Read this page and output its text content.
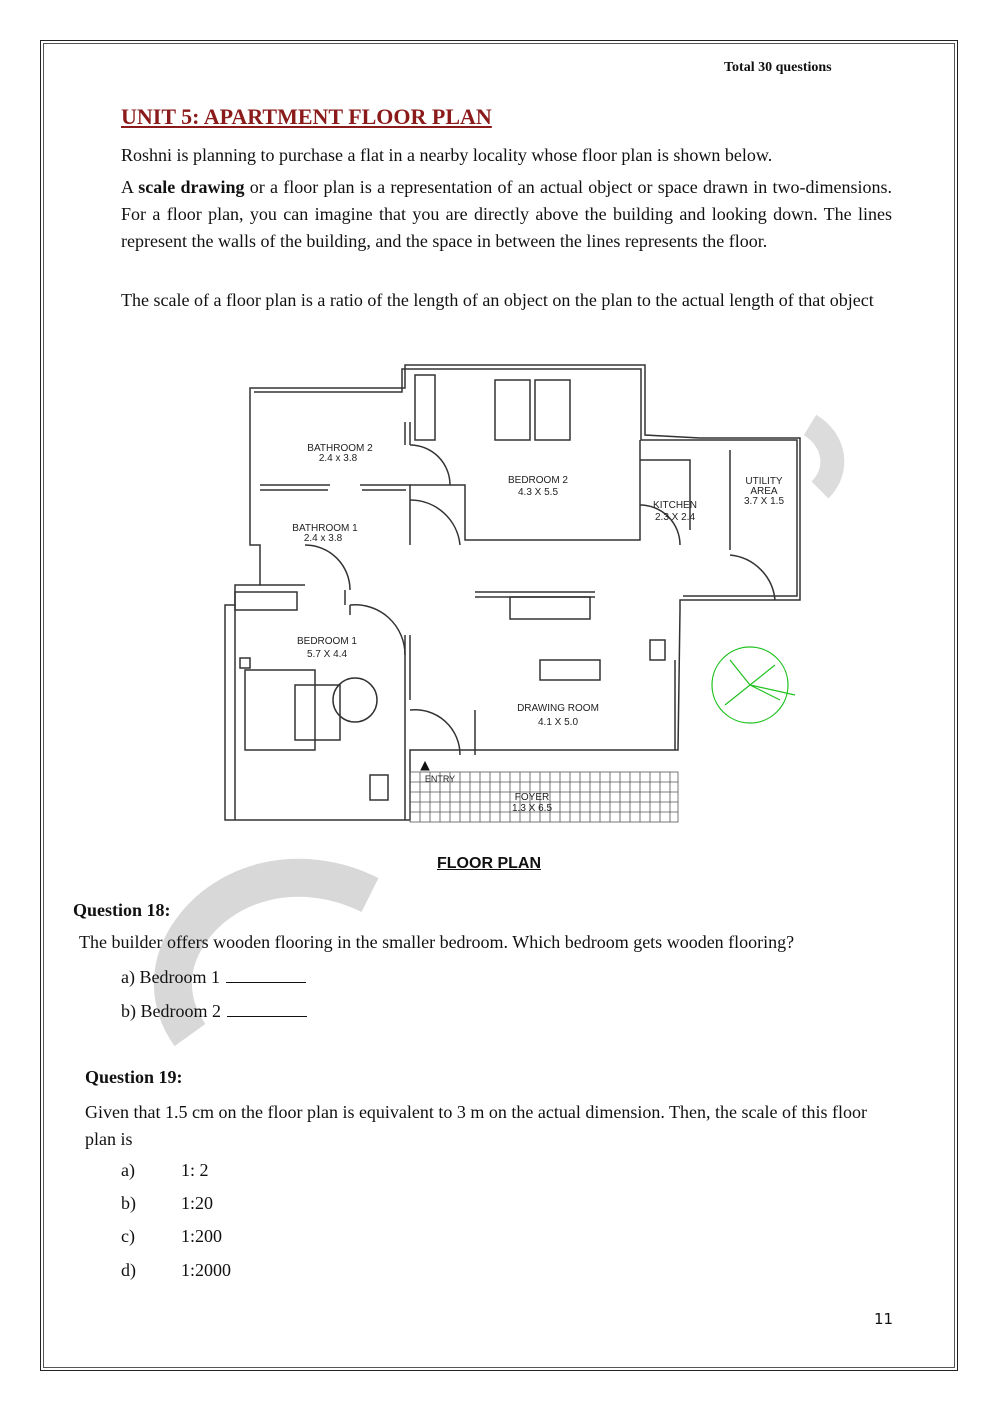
Total 30 questions
UNIT 5: APARTMENT FLOOR PLAN
Roshni is planning to purchase a flat in a nearby locality whose floor plan is shown below.
A scale drawing or a floor plan is a representation of an actual object or space drawn in two-dimensions. For a floor plan, you can imagine that you are directly above the building and looking down. The lines represent the walls of the building, and the space in between the lines represents the floor.
The scale of a floor plan is a ratio of the length of an object on the plan to the actual length of that object
BATHROOM 2
2.4 x 3.8
BEDROOM 2
4.3 X 5.5
KITCHEN
2.3 X 2.4
UTILITY
AREA
3.7 X 1.5
BATHROOM 1
2.4 x 3.8
BEDROOM 1
5.7 X 4.4
DRAWING ROOM
4.1 X 5.0
FOYER
1.3 X 6.5
ENTRY
FLOOR PLAN
Question 18:
The builder offers wooden flooring in the smaller bedroom. Which bedroom gets wooden flooring?
a) Bedroom 1
b) Bedroom 2
Question 19:
Given that 1.5 cm on the floor plan is equivalent to 3 m on the actual dimension. Then, the scale of this floor plan is
a)	1: 2
b)	1:20
c)	1:200
d)	1:2000
11
